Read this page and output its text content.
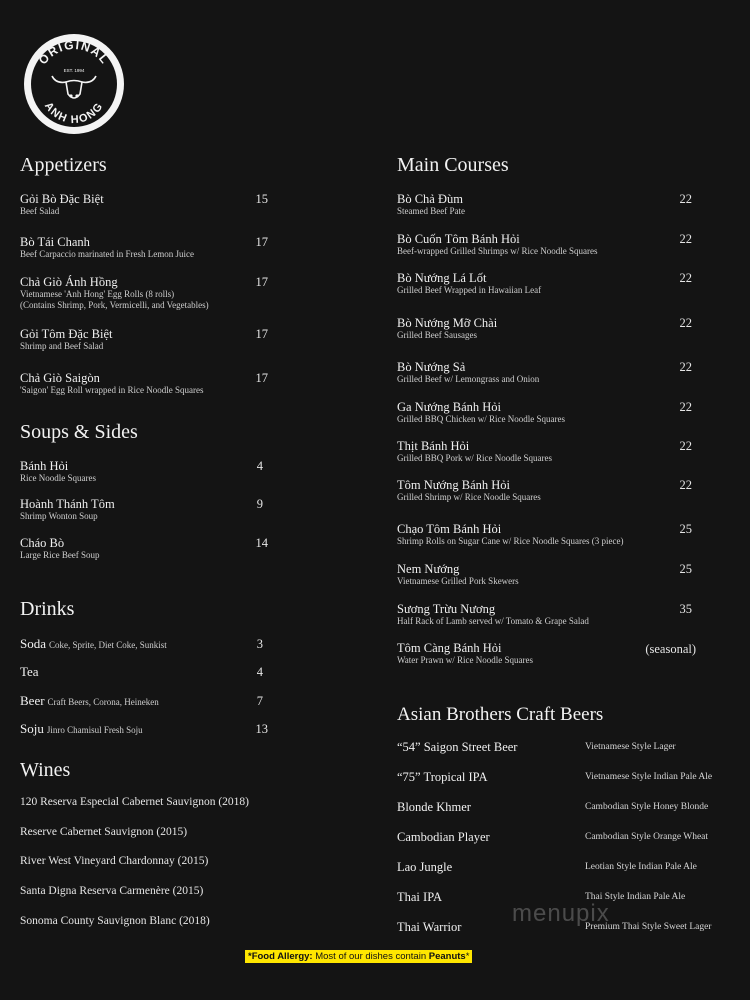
ORIGINAL
EST. 1994
ANH HONG
Appetizers
Soups & Sides
Drinks
Wines
Gỏi Bò Đặc Biệt
Beef Salad
15
Bò Tái Chanh
Beef Carpaccio marinated in Fresh Lemon Juice
17
Chả Giò Ánh Hồng
Vietnamese 'Anh Hong' Egg Rolls (8 rolls)
(Contains Shrimp, Pork, Vermicelli, and Vegetables)
17
Gỏi Tôm Đặc Biệt
Shrimp and Beef Salad
17
Chả Giò Saigòn
'Saigon' Egg Roll wrapped in Rice Noodle Squares
17
Bánh Hỏi
Rice Noodle Squares
4
Hoành Thánh Tôm
Shrimp Wonton Soup
9
Cháo Bò
Large Rice Beef Soup
14
Soda Coke, Sprite, Diet Coke, Sunkist	3
Tea	4
Beer Craft Beers, Corona, Heineken	7
Soju Jinro Chamisul Fresh Soju	13
120 Reserva Especial Cabernet Sauvignon (2018)
Reserve Cabernet Sauvignon (2015)
River West Vineyard Chardonnay (2015)
Santa Digna Reserva Carmenère (2015)
Sonoma County Sauvignon Blanc (2018)
Main Courses
Bò Chả Đùm
Steamed Beef Pate
22
Bò Cuốn Tôm Bánh Hỏi
Beef-wrapped Grilled Shrimps w/ Rice Noodle Squares
22
Bò Nướng Lá Lốt
Grilled Beef Wrapped in Hawaiian Leaf
22
Bò Nướng Mỡ Chài
Grilled Beef Sausages
22
Bò Nướng Sả
Grilled Beef w/ Lemongrass and Onion
22
Ga Nướng Bánh Hỏi
Grilled BBQ Chicken w/ Rice Noodle Squares
22
Thịt Bánh Hỏi
Grilled BBQ Pork w/ Rice Noodle Squares
22
Tôm Nướng Bánh Hỏi
Grilled Shrimp w/ Rice Noodle Squares
22
Chạo Tôm Bánh Hỏi
Shrimp Rolls on Sugar Cane w/ Rice Noodle Squares (3 piece)
25
Nem Nướng
Vietnamese Grilled Pork Skewers
25
Sương Trừu Nương
Half Rack of Lamb served w/ Tomato & Grape Salad
35
Tôm Càng Bánh Hỏi
Water Prawn w/ Rice Noodle Squares
(seasonal)
Asian Brothers Craft Beers
“54” Saigon Street Beer	Vietnamese Style Lager
“75” Tropical IPA	Vietnamese Style Indian Pale Ale
Blonde Khmer	Cambodian Style Honey Blonde
Cambodian Player	Cambodian Style Orange Wheat
Lao Jungle	Leotian Style Indian Pale Ale
Thai IPA	Thai Style Indian Pale Ale
Thai Warrior	Premium Thai Style Sweet Lager
menupix
*Food Allergy: Most of our dishes contain Peanuts*
